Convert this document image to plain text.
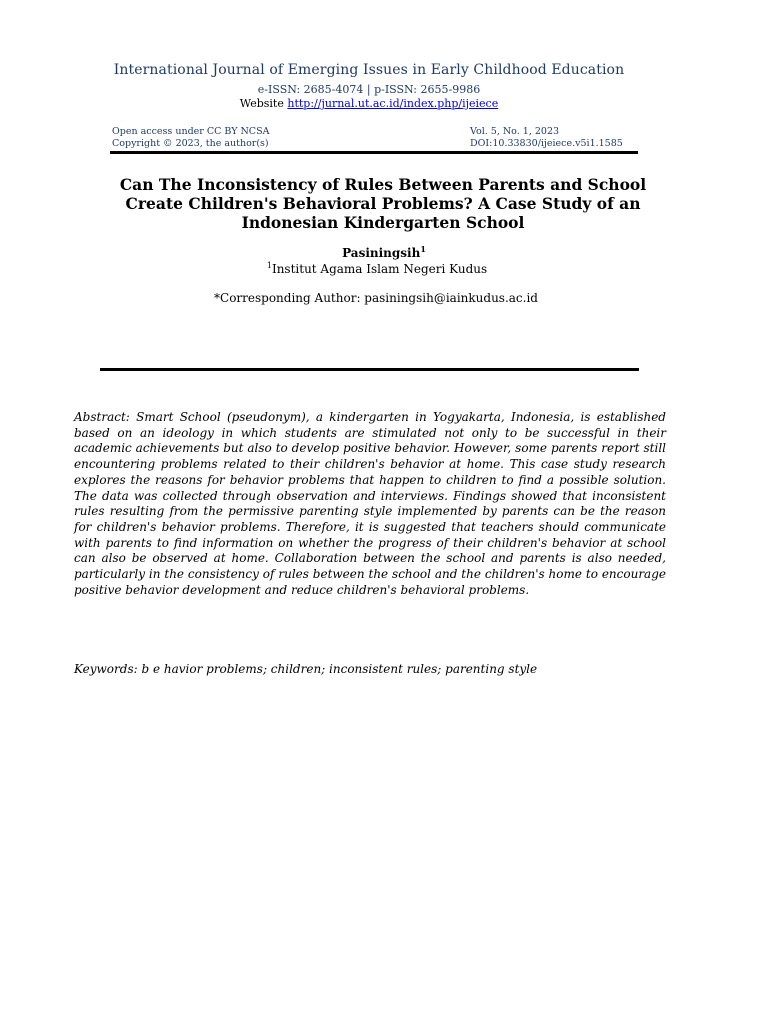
International Journal of Emerging Issues in Early Childhood Education
e-ISSN: 2685-4074 | p-ISSN: 2655-9986
Website http://jurnal.ut.ac.id/index.php/ijeiece
Open access under CC BY NCSA
Copyright © 2023, the author(s)
Vol. 5, No. 1, 2023
DOI:10.33830/ijeiece.v5i1.1585
Can The Inconsistency of Rules Between Parents and School
Create Children's Behavioral Problems? A Case Study of an
Indonesian Kindergarten School
Pasiningsih$^1$
$^1$Institut Agama Islam Negeri Kudus
*Corresponding Author: pasiningsih@iainkudus.ac.id
Abstract: Smart School (pseudonym), a kindergarten in Yogyakarta, Indonesia, is established based on an ideology in which students are stimulated not only to be successful in their academic achievements but also to develop positive behavior. However, some parents report still encountering problems related to their children's behavior at home. This case study research explores the reasons for behavior problems that happen to children to find a possible solution. The data was collected through observation and interviews. Findings showed that inconsistent rules resulting from the permissive parenting style implemented by parents can be the reason for children's behavior problems. Therefore, it is suggested that teachers should communicate with parents to find information on whether the progress of their children's behavior at school can also be observed at home. Collaboration between the school and parents is also needed, particularly in the consistency of rules between the school and the children's home to encourage positive behavior development and reduce children's behavioral problems.
Keywords: b e havior problems; children; inconsistent rules; parenting style
